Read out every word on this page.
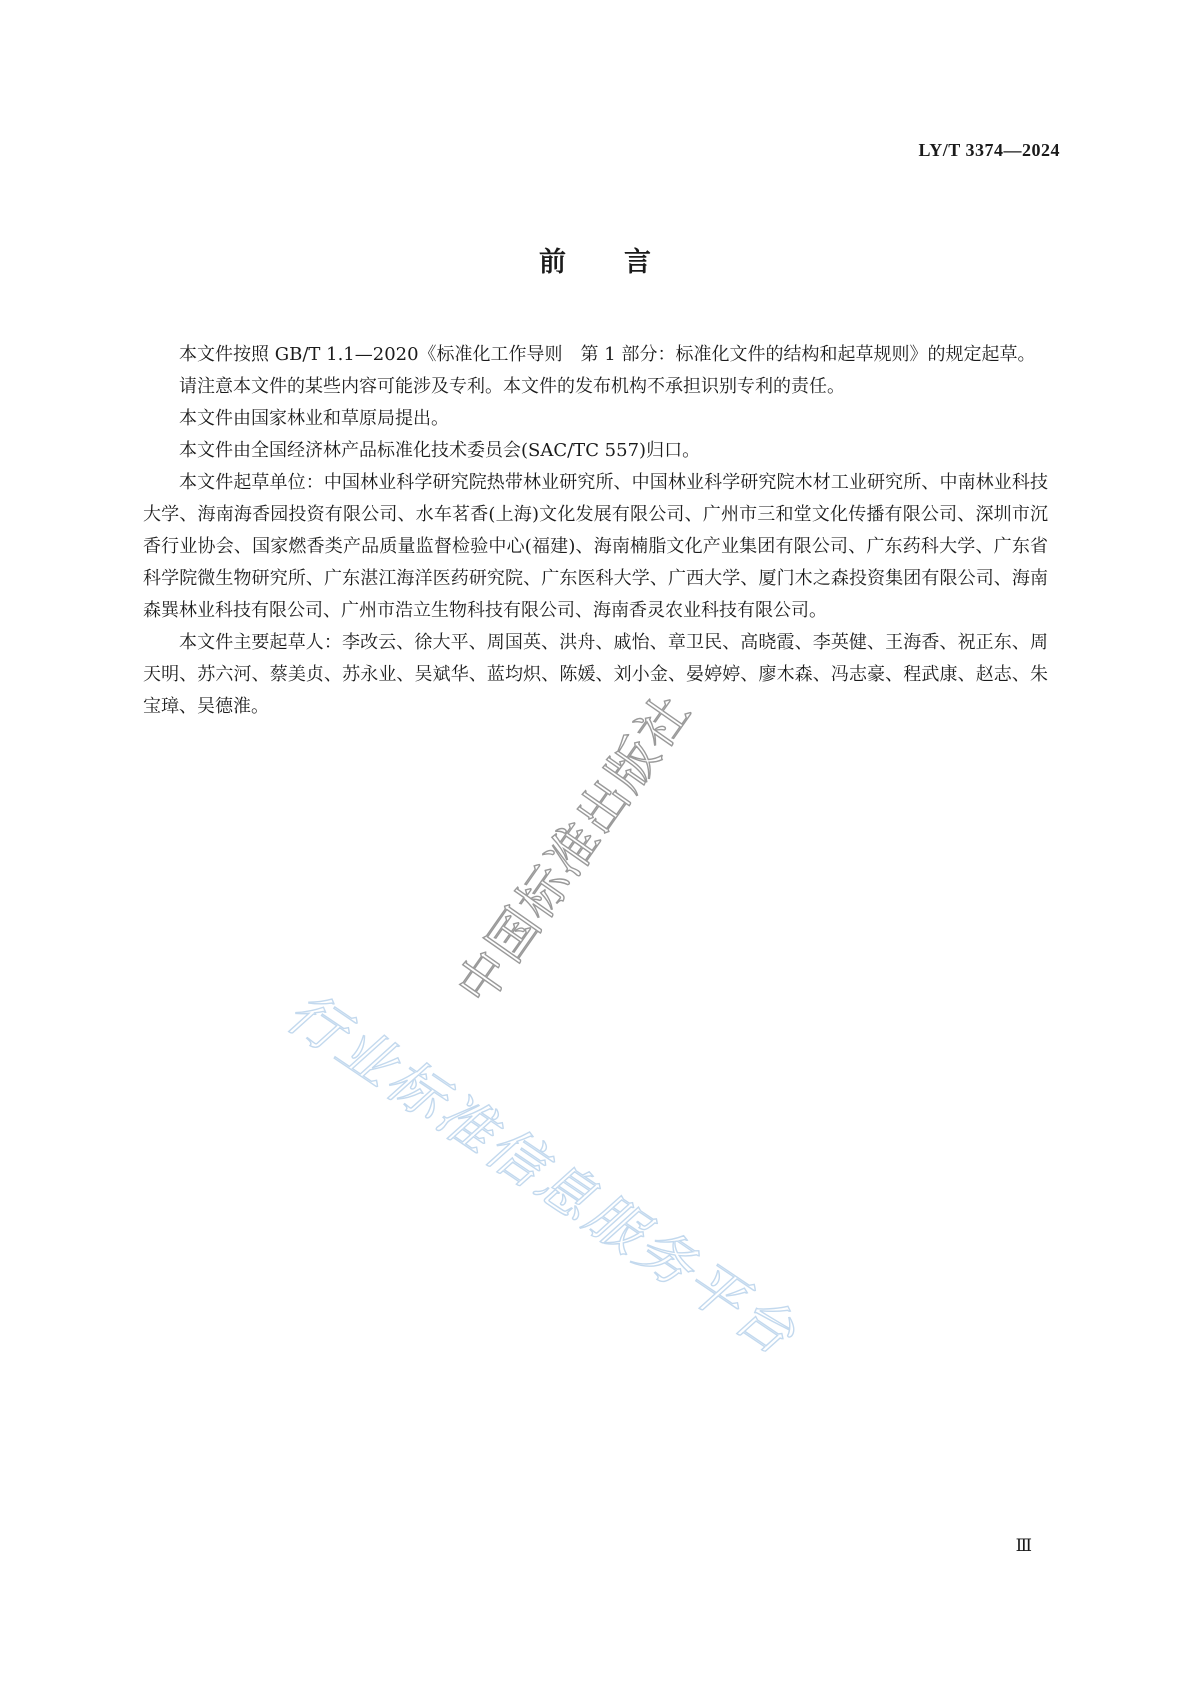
LY/T 3374—2024
前言

本文件按照 GB/T 1.1—2020《标准化工作导则　第 1 部分：标准化文件的结构和起草规则》的规定起草。

请注意本文件的某些内容可能涉及专利。本文件的发布机构不承担识别专利的责任。

本文件由国家林业和草原局提出。

本文件由全国经济林产品标准化技术委员会(SAC/TC 557)归口。

本文件起草单位：中国林业科学研究院热带林业研究所、中国林业科学研究院木材工业研究所、中南林业科技大学、海南海香园投资有限公司、水车茗香(上海)文化发展有限公司、广州市三和堂文化传播有限公司、深圳市沉香行业协会、国家燃香类产品质量监督检验中心(福建)、海南楠脂文化产业集团有限公司、广东药科大学、广东省科学院微生物研究所、广东湛江海洋医药研究院、广东医科大学、广西大学、厦门木之森投资集团有限公司、海南森巽林业科技有限公司、广州市浩立生物科技有限公司、海南香灵农业科技有限公司。

本文件主要起草人：李改云、徐大平、周国英、洪舟、戚怡、章卫民、高晓霞、李英健、王海香、祝正东、周天明、苏六河、蔡美贞、苏永业、吴斌华、蓝均炽、陈媛、刘小金、晏婷婷、廖木森、冯志豪、程武康、赵志、朱宝璋、吴德淮。	中国标准出版社
行业标准信息服务平台
Ⅲ
